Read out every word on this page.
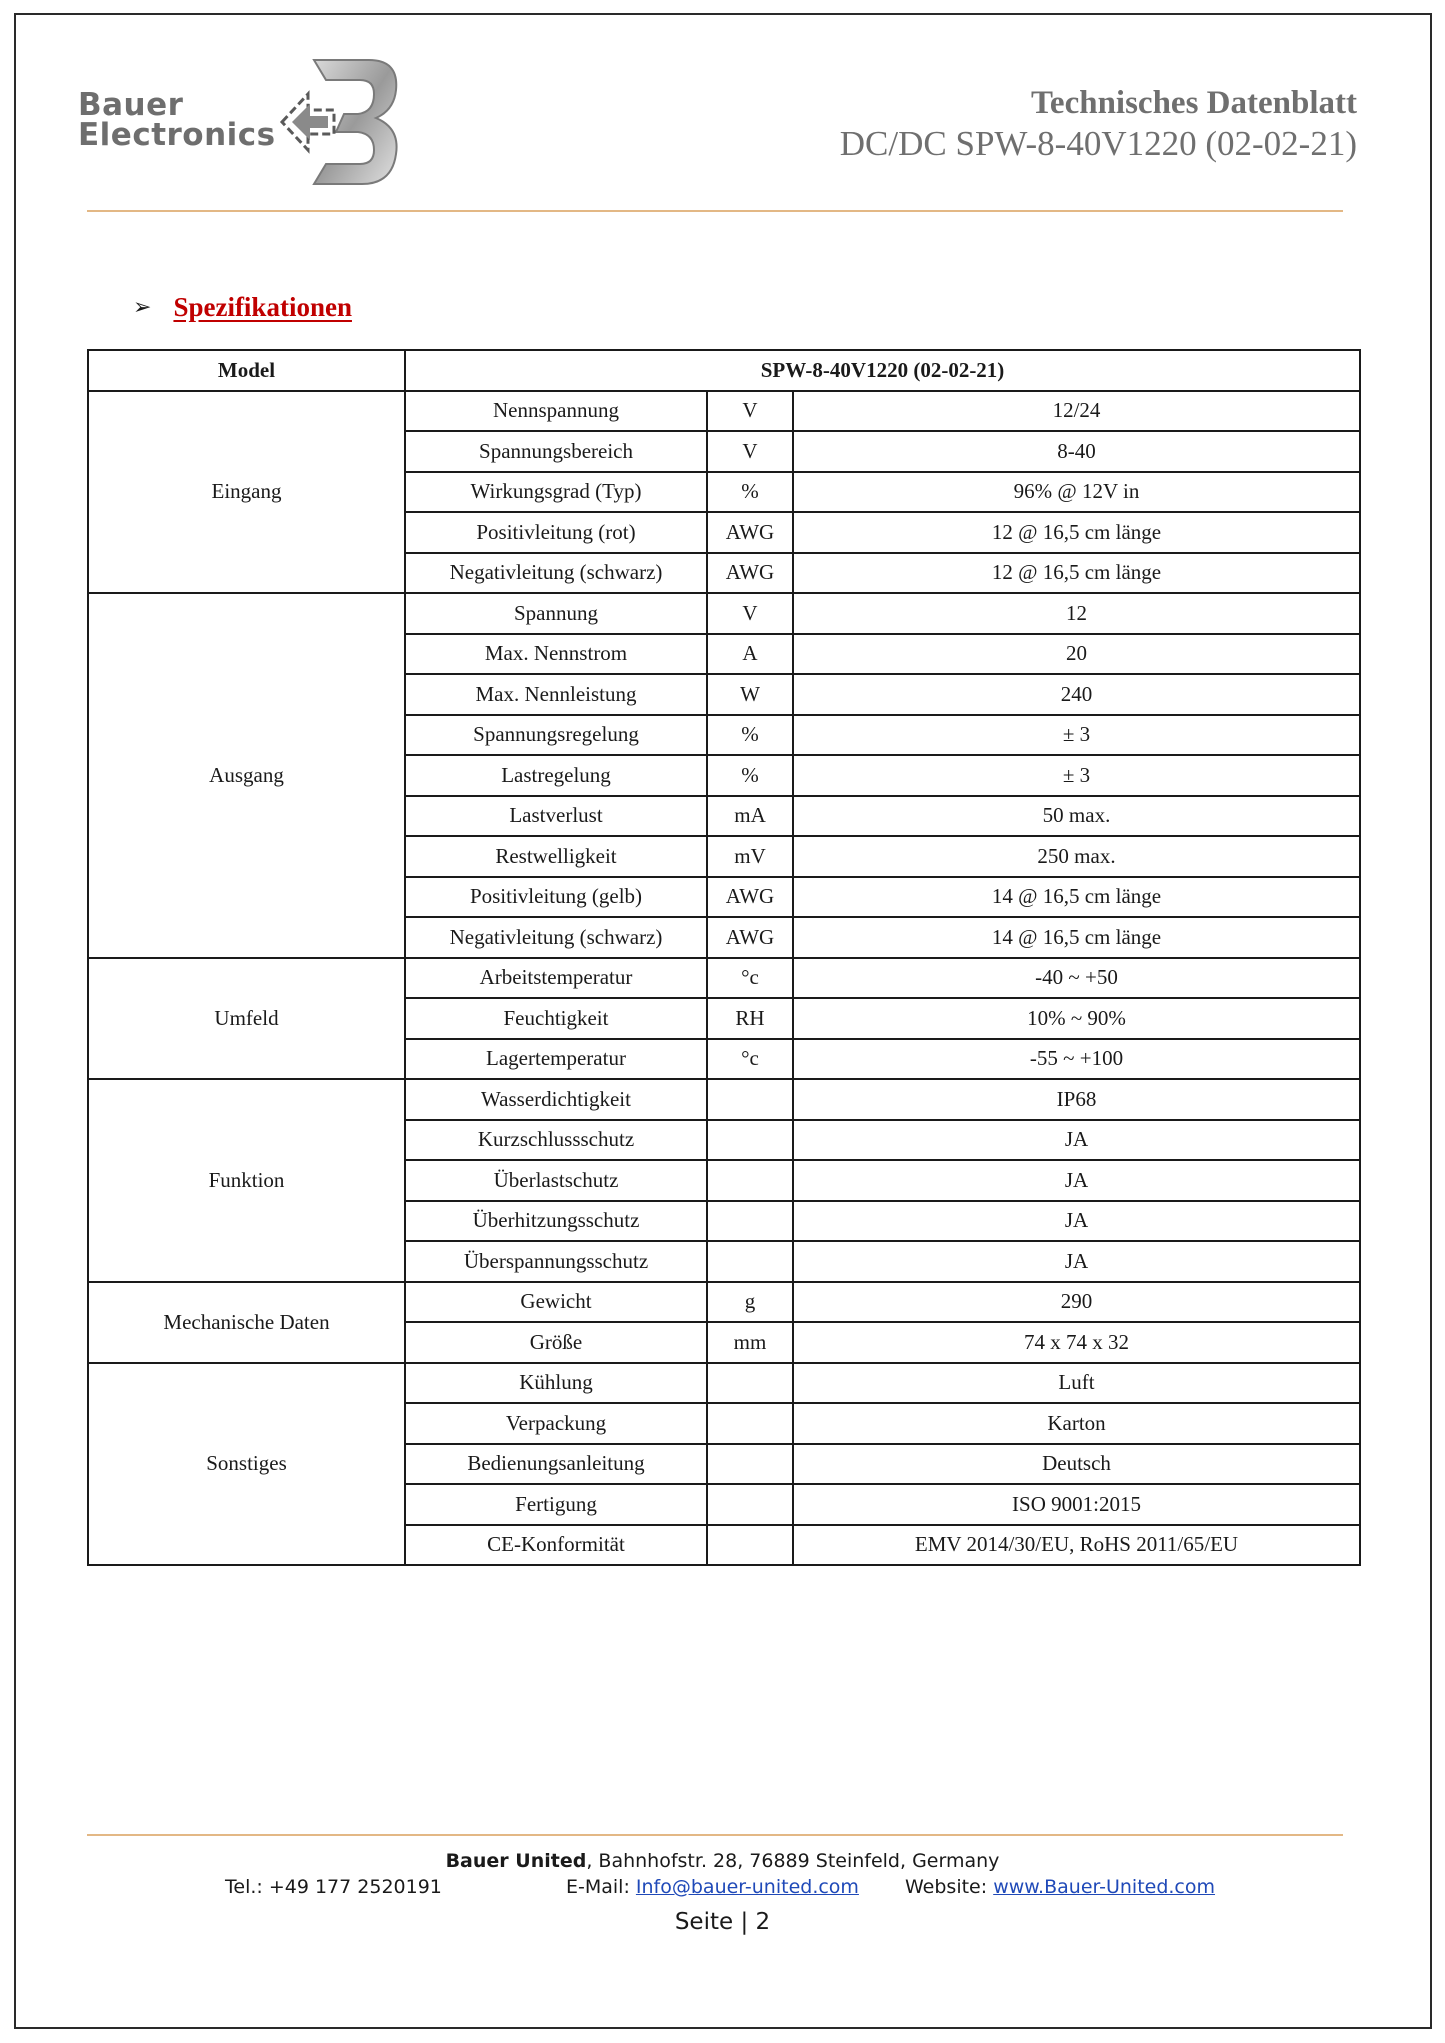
Bauer
Electronics
Technisches Datenblatt
DC/DC SPW-8-40V1220 (02-02-21)
➢ Spezifikationen
Model	SPW-8-40V1220 (02-02-21)		
Eingang	Nennspannung	V	12/24
	Spannungsbereich	V	8-40
	Wirkungsgrad (Typ)	%	96% @ 12V in
	Positivleitung (rot)	AWG	12 @ 16,5 cm länge
	Negativleitung (schwarz)	AWG	12 @ 16,5 cm länge
Ausgang	Spannung	V	12
	Max. Nennstrom	A	20
	Max. Nennleistung	W	240
	Spannungsregelung	%	± 3
	Lastregelung	%	± 3
	Lastverlust	mA	50 max.
	Restwelligkeit	mV	250 max.
	Positivleitung (gelb)	AWG	14 @ 16,5 cm länge
	Negativleitung (schwarz)	AWG	14 @ 16,5 cm länge
Umfeld	Arbeitstemperatur	°c	-40 ~ +50
	Feuchtigkeit	RH	10% ~ 90%
	Lagertemperatur	°c	-55 ~ +100
Funktion	Wasserdichtigkeit		IP68
	Kurzschlussschutz		JA
	Überlastschutz		JA
	Überhitzungsschutz		JA
	Überspannungsschutz		JA
Mechanische Daten	Gewicht	g	290
	Größe	mm	74 x 74 x 32
Sonstiges	Kühlung		Luft
	Verpackung		Karton
	Bedienungsanleitung		Deutsch
	Fertigung		ISO 9001:2015
	CE-Konformität		EMV 2014/30/EU, RoHS 2011/65/EU
Bauer United, Bahnhofstr. 28, 76889 Steinfeld, Germany
Tel.: +49 177 2520191	E-Mail: Info@bauer-united.com Website: www.Bauer-United.com
Seite | 2
